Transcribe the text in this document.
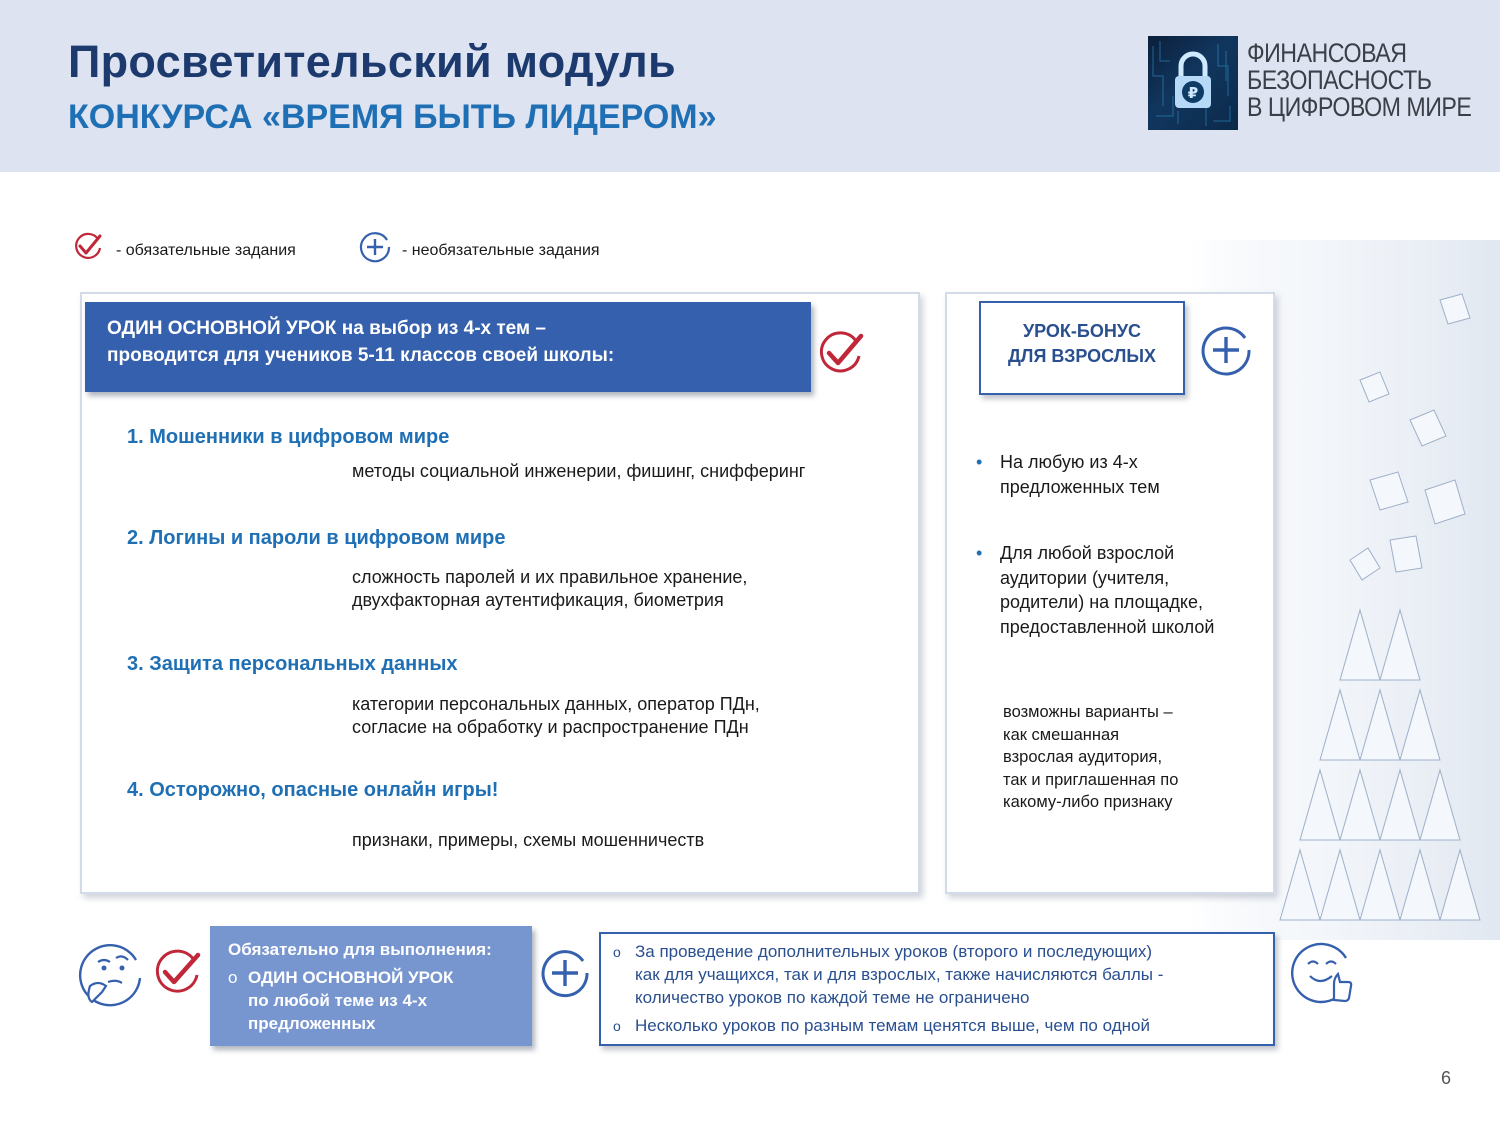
Просветительский модуль
КОНКУРСА «ВРЕМЯ БЫТЬ ЛИДЕРОМ»
₽
ФИНАНСОВАЯ
БЕЗОПАСНОСТЬ
В ЦИФРОВОМ МИРЕ
- обязательные задания	- необязательные задания
ОДИН ОСНОВНОЙ УРОК на выбор из 4-х тем –
проводится для учеников 5-11 классов своей школы:
1. Мошенники в цифровом мире
методы социальной инженерии, фишинг, снифферинг
2. Логины и пароли в цифровом мире
сложность паролей и их правильное хранение,
двухфакторная аутентификация, биометрия
3. Защита персональных данных
категории персональных данных, оператор ПДн,
согласие на обработку и распространение ПДн
4. Осторожно, опасные онлайн игры!
признаки, примеры, схемы мошенничеств
УРОК-БОНУС
ДЛЯ ВЗРОСЛЫХ
• На любую из 4-х
предложенных тем
• Для любой взрослой
аудитории (учителя,
родители) на площадке,
предоставленной школой
возможны варианты –
как смешанная
взрослая аудитория,
так и приглашенная по
какому-либо признаку
Обязательно для выполнения:
o ОДИН ОСНОВНОЙ УРОК
по любой теме из 4-х
предложенных
o За проведение дополнительных уроков (второго и последующих)
как для учащихся, так и для взрослых, также начисляются баллы -
количество уроков по каждой теме не ограничено
o Несколько уроков по разным темам ценятся выше, чем по одной
6
